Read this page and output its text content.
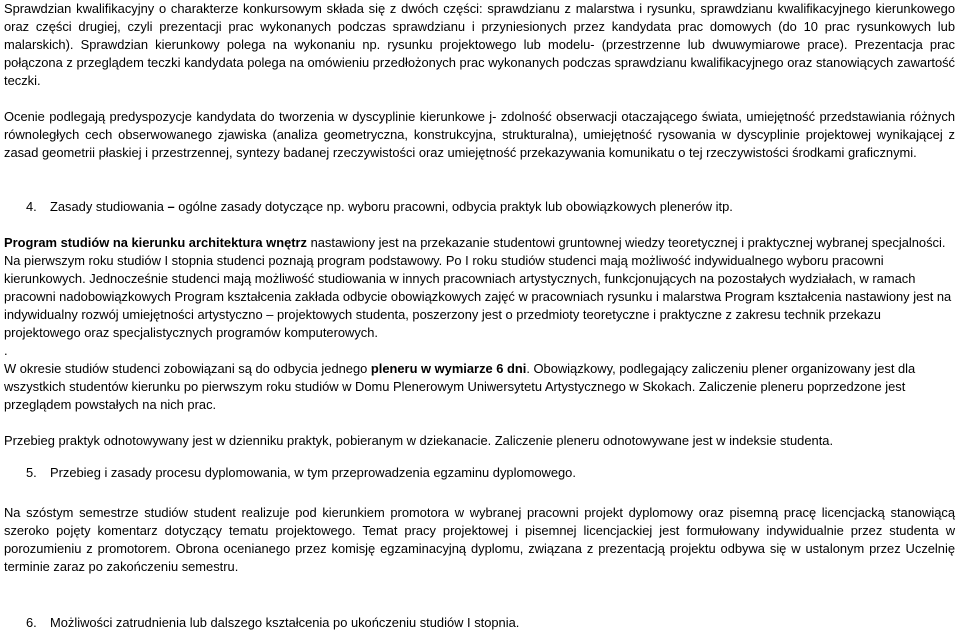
Sprawdzian kwalifikacyjny o charakterze konkursowym składa się z dwóch części: sprawdzianu z malarstwa i rysunku, sprawdzianu kwalifikacyjnego kierunkowego oraz części drugiej, czyli prezentacji prac wykonanych podczas sprawdzianu i przyniesionych przez kandydata prac domowych (do 10 prac rysunkowych lub malarskich). Sprawdzian kierunkowy polega na wykonaniu np. rysunku projektowego lub modelu- (przestrzenne lub dwuwymiarowe prace). Prezentacja prac połączona z przeglądem teczki kandydata polega na omówieniu przedłożonych prac wykonanych podczas sprawdzianu kwalifikacyjnego oraz stanowiących zawartość teczki.

Ocenie podlegają predyspozycje kandydata do tworzenia w dyscyplinie kierunkowe j- zdolność obserwacji otaczającego świata, umiejętność przedstawiania różnych równoległych cech obserwowanego zjawiska (analiza geometryczna, konstrukcyjna, strukturalna), umiejętność rysowania w dyscyplinie projektowej wynikającej z zasad geometrii płaskiej i przestrzennej, syntezy badanej rzeczywistości oraz umiejętność przekazywania komunikatu o tej rzeczywistości środkami graficznymi.

4. Zasady studiowania – ogólne zasady dotyczące np. wyboru pracowni, odbycia praktyk lub obowiązkowych plenerów itp.

Program studiów na kierunku architektura wnętrz nastawiony jest na przekazanie studentowi gruntownej wiedzy teoretycznej i praktycznej wybranej specjalności. Na pierwszym roku studiów I stopnia studenci poznają program podstawowy. Po I roku studiów studenci mają możliwość indywidualnego wyboru pracowni kierunkowych. Jednocześnie studenci mają możliwość studiowania w innych pracowniach artystycznych, funkcjonujących na pozostałych wydziałach, w ramach pracowni nadobowiązkowych Program kształcenia zakłada odbycie obowiązkowych zajęć w pracowniach rysunku i malarstwa Program kształcenia nastawiony jest na indywidualny rozwój umiejętności artystyczno – projektowych studenta, poszerzony jest o przedmioty teoretyczne i praktyczne z zakresu technik przekazu projektowego oraz specjalistycznych programów komputerowych.

.

W okresie studiów studenci zobowiązani są do odbycia jednego pleneru w wymiarze 6 dni. Obowiązkowy, podlegający zaliczeniu plener organizowany jest dla wszystkich studentów kierunku po pierwszym roku studiów w Domu Plenerowym Uniwersytetu Artystycznego w Skokach. Zaliczenie pleneru poprzedzone jest przeglądem powstałych na nich prac.

Przebieg praktyk odnotowywany jest w dzienniku praktyk, pobieranym w dziekanacie. Zaliczenie pleneru odnotowywane jest w indeksie studenta.

5. Przebieg i zasady procesu dyplomowania, w tym przeprowadzenia egzaminu dyplomowego.

Na szóstym semestrze studiów student realizuje pod kierunkiem promotora w wybranej pracowni projekt dyplomowy oraz pisemną pracę licencjacką stanowiącą szeroko pojęty komentarz dotyczący tematu projektowego. Temat pracy projektowej i pisemnej licencjackiej jest formułowany indywidualnie przez studenta w porozumieniu z promotorem. Obrona ocenianego przez komisję egzaminacyjną dyplomu, związana z prezentacją projektu odbywa się w ustalonym przez Uczelnię terminie zaraz po zakończeniu semestru.

6. Możliwości zatrudnienia lub dalszego kształcenia po ukończeniu studiów I stopnia.
